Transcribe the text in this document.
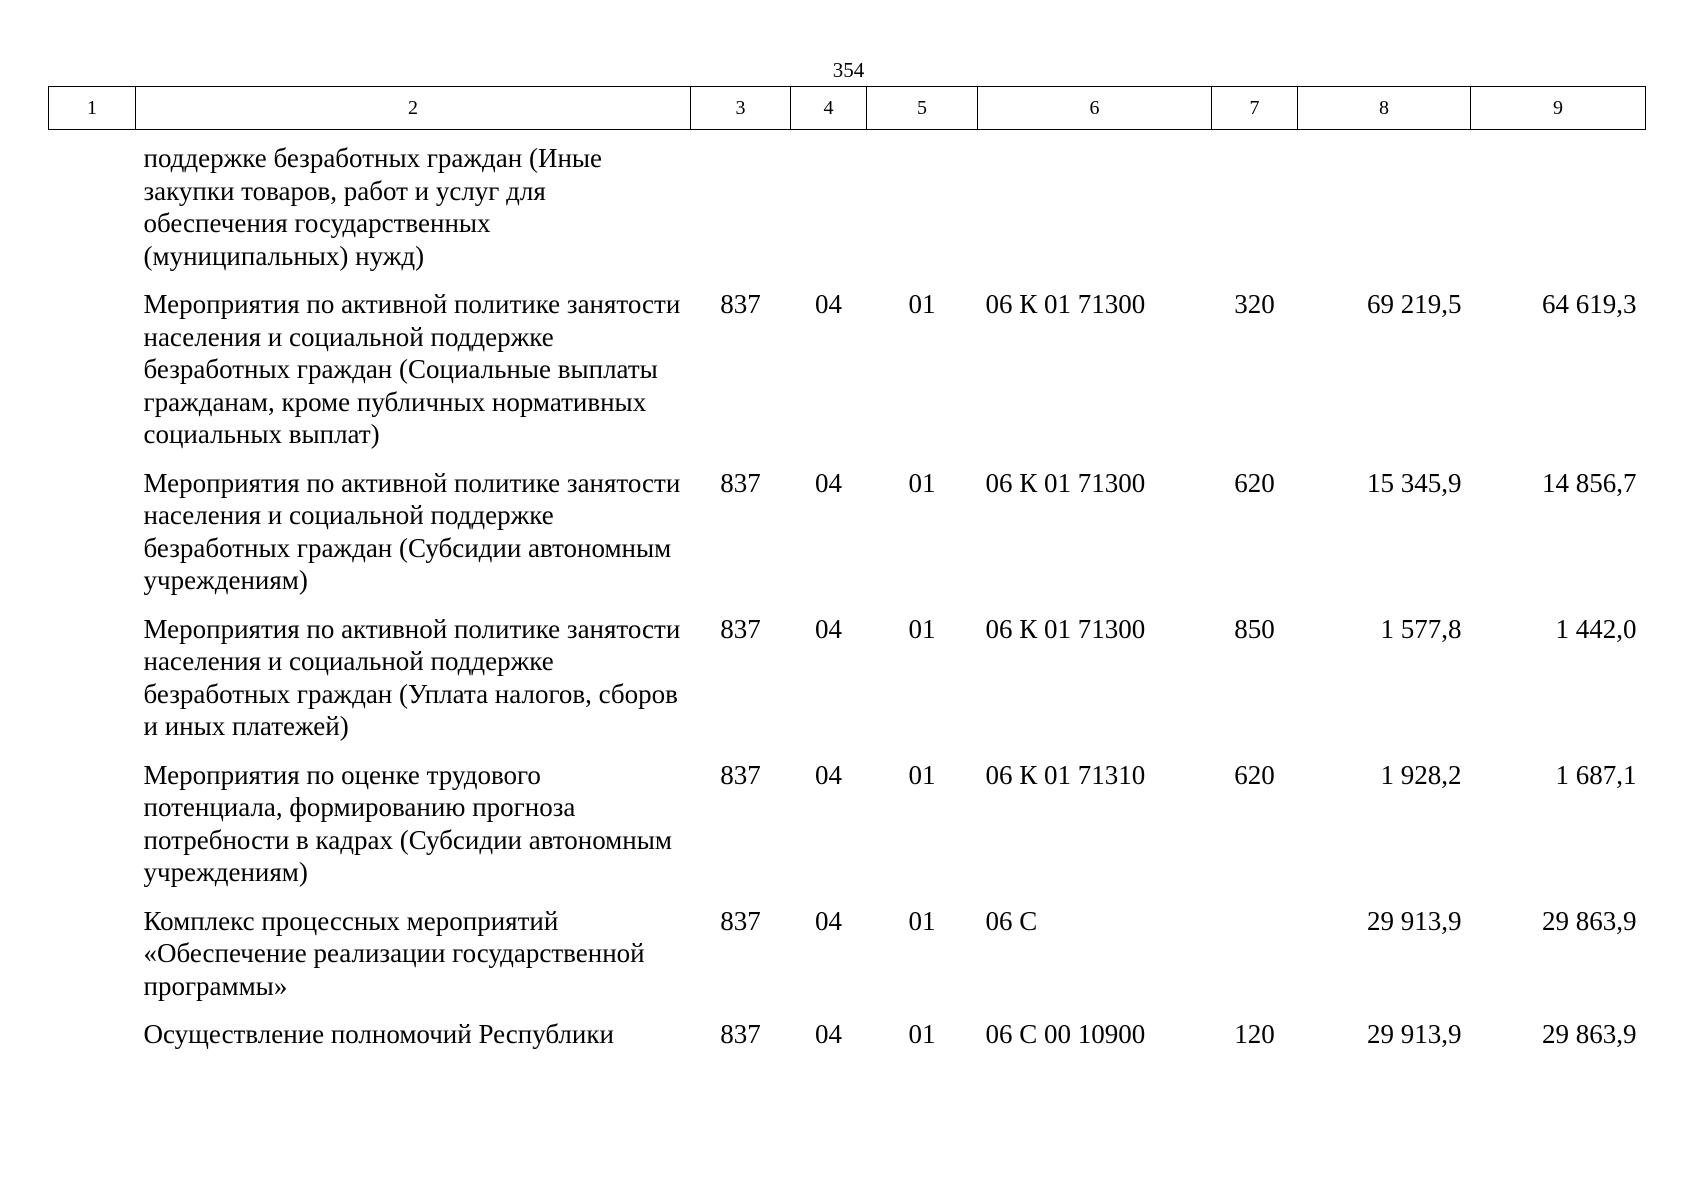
354
1	2	3	4	5	6	7	8	9
	поддержке безработных граждан (Иные закупки товаров, работ и услуг для обеспечения государственных (муниципальных) нужд)							
	Мероприятия по активной политике занятости населения и социальной поддержке безработных граждан (Социальные выплаты гражданам, кроме публичных нормативных социальных выплат)	837	04	01	06 К 01 71300	320	69 219,5	64 619,3
	Мероприятия по активной политике занятости населения и социальной поддержке безработных граждан (Субсидии автономным учреждениям)	837	04	01	06 К 01 71300	620	15 345,9	14 856,7
	Мероприятия по активной политике занятости населения и социальной поддержке безработных граждан (Уплата налогов, сборов и иных платежей)	837	04	01	06 К 01 71300	850	1 577,8	1 442,0
	Мероприятия по оценке трудового потенциала, формированию прогноза потребности в кадрах (Субсидии автономным учреждениям)	837	04	01	06 К 01 71310	620	1 928,2	1 687,1
	Комплекс процессных мероприятий «Обеспечение реализации государственной программы»	837	04	01	06 С		29 913,9	29 863,9
	Осуществление полномочий Республики	837	04	01	06 С 00 10900	120	29 913,9	29 863,9
